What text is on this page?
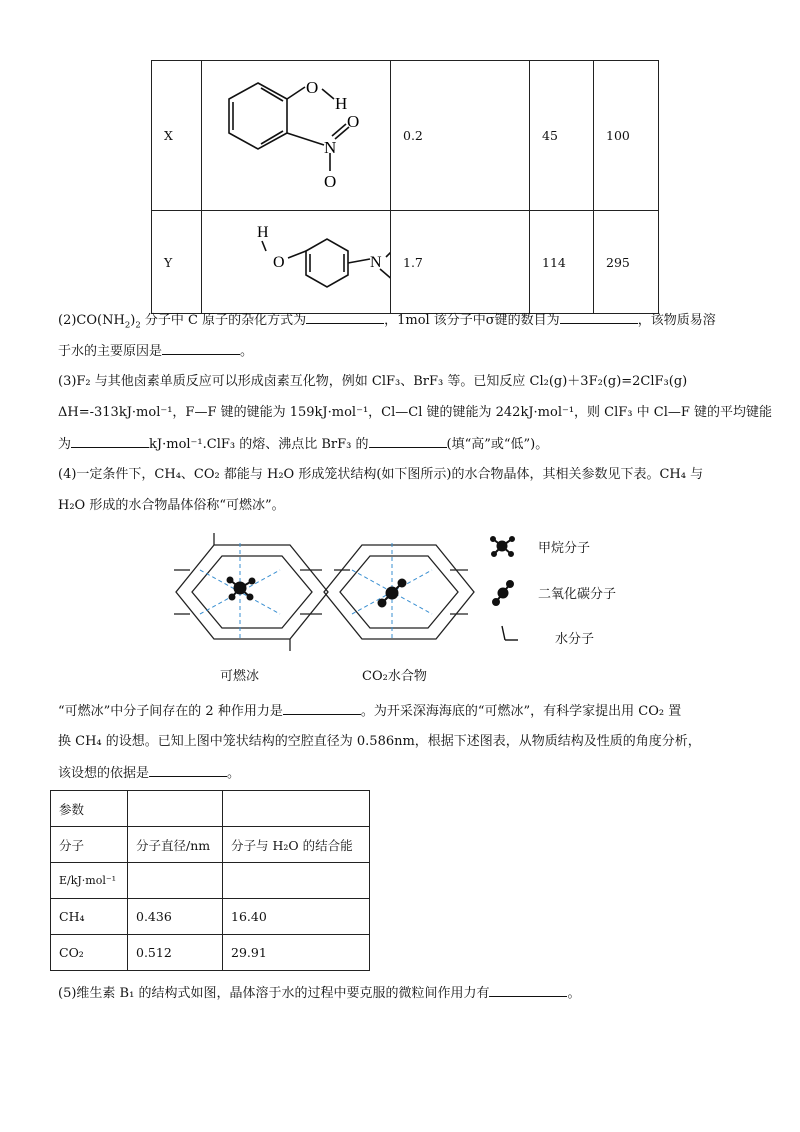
X	O
H
N
O
O	0.2	45	100
Y	H
O N	1.7	114	295
$(2)CO(NH_2)_2$ 分子中 C 原子的杂化方式为	，1mol 该分子中σ键的数目为	，该物质易溶
于水的主要原因是	。
(3)F₂ 与其他卤素单质反应可以形成卤素互化物，例如 ClF₃、BrF₃ 等。已知反应 Cl₂(g)＋3F₂(g)=2ClF₃(g)
ΔH=-313kJ·mol⁻¹，F—F 键的键能为 159kJ·mol⁻¹，Cl—Cl 键的键能为 242kJ·mol⁻¹，则 ClF₃ 中 Cl—F 键的平均键能
为	kJ·mol⁻¹.ClF₃ 的熔、沸点比 BrF₃ 的	(填“高”或“低”)。
(4)一定条件下，CH₄、CO₂ 都能与 H₂O 形成笼状结构(如下图所示)的水合物晶体，其相关参数见下表。CH₄ 与
H₂O 形成的水合物晶体俗称“可燃冰”。
甲烷分子
二氧化碳分子
水分子
可燃冰	CO₂水合物
“可燃冰”中分子间存在的 2 种作用力是	。为开采深海海底的“可燃冰”，有科学家提出用 CO₂ 置
换 CH₄ 的设想。已知上图中笼状结构的空腔直径为 0.586nm，根据下述图表，从物质结构及性质的角度分析，
该设想的依据是	。
参数		
分子	分子直径/nm	分子与 H₂O 的结合能
E/kJ·mol⁻¹		
CH₄	0.436	16.40
CO₂	0.512	29.91
(5)维生素 B₁ 的结构式如图，晶体溶于水的过程中要克服的微粒间作用力有	。
